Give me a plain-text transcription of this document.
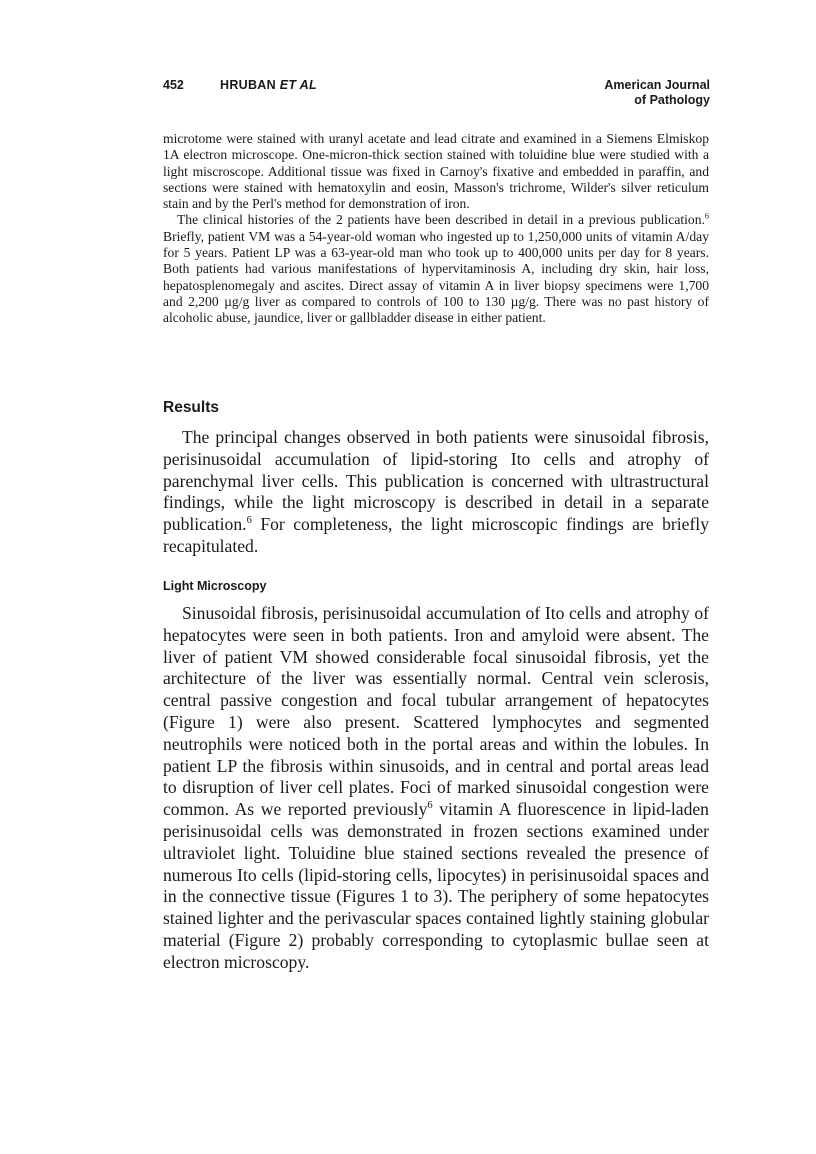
452	HRUBAN ET AL	American Journal
of Pathology

microtome were stained with uranyl acetate and lead citrate and examined in a Siemens Elmiskop 1A electron microscope. One-micron-thick section stained with toluidine blue were studied with a light miscroscope. Additional tissue was fixed in Carnoy's fixative and embedded in paraffin, and sections were stained with hematoxylin and eosin, Masson's trichrome, Wilder's silver reticulum stain and by the Perl's method for demonstration of iron.

The clinical histories of the 2 patients have been described in detail in a previous publication.$^6$ Briefly, patient VM was a 54-year-old woman who ingested up to 1,250,000 units of vitamin A/day for 5 years. Patient LP was a 63-year-old man who took up to 400,000 units per day for 8 years. Both patients had various manifestations of hypervitaminosis A, including dry skin, hair loss, hepatosplenomegaly and ascites. Direct assay of vitamin A in liver biopsy specimens were 1,700 and 2,200 µg/g liver as compared to controls of 100 to 130 µg/g. There was no past history of alcoholic abuse, jaundice, liver or gallbladder disease in either patient.

Results

The principal changes observed in both patients were sinusoidal fibrosis, perisinusoidal accumulation of lipid-storing Ito cells and atrophy of parenchymal liver cells. This publication is concerned with ultrastructural findings, while the light microscopy is described in detail in a separate publication.$^6$ For completeness, the light microscopic findings are briefly recapitulated.

Light Microscopy

Sinusoidal fibrosis, perisinusoidal accumulation of Ito cells and atrophy of hepatocytes were seen in both patients. Iron and amyloid were absent. The liver of patient VM showed considerable focal sinusoidal fibrosis, yet the architecture of the liver was essentially normal. Central vein sclerosis, central passive congestion and focal tubular arrangement of hepatocytes (Figure 1) were also present. Scattered lymphocytes and segmented neutrophils were noticed both in the portal areas and within the lobules. In patient LP the fibrosis within sinusoids, and in central and portal areas lead to disruption of liver cell plates. Foci of marked sinusoidal congestion were common. As we reported previously$^6$ vitamin A fluorescence in lipid-laden perisinusoidal cells was demonstrated in frozen sections examined under ultraviolet light. Toluidine blue stained sections revealed the presence of numerous Ito cells (lipid-storing cells, lipocytes) in perisinusoidal spaces and in the connective tissue (Figures 1 to 3). The periphery of some hepatocytes stained lighter and the perivascular spaces contained lightly staining globular material (Figure 2) probably corresponding to cytoplasmic bullae seen at electron microscopy.
